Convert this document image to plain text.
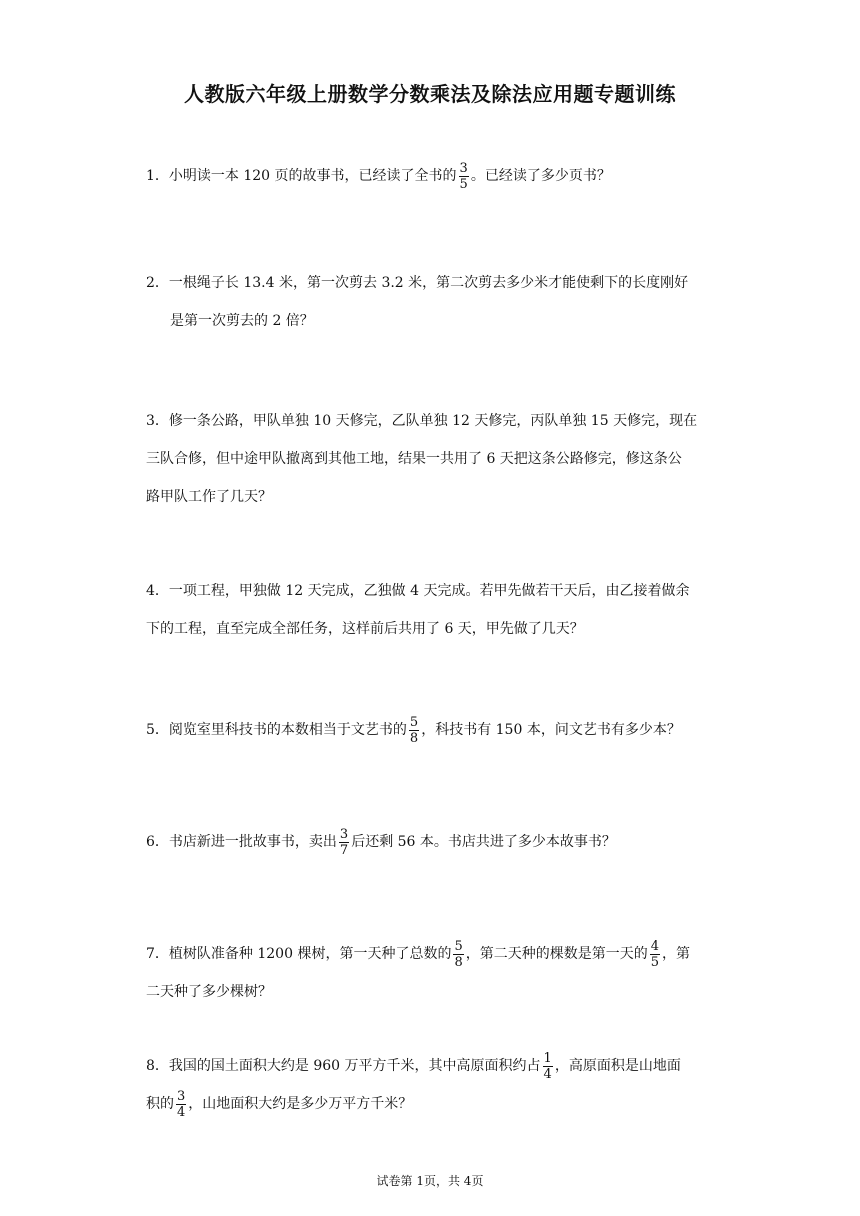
人教版六年级上册数学分数乘法及除法应用题专题训练

1．小明读一本 120 页的故事书，已经读了全书的 $\frac{3}{5}$ 。已经读了多少页书？

2．一根绳子长 13.4 米，第一次剪去 3.2 米，第二次剪去多少米才能使剩下的长度刚好

是第一次剪去的 2 倍？

3．修一条公路，甲队单独 10 天修完，乙队单独 12 天修完，丙队单独 15 天修完，现在

三队合修，但中途甲队撤离到其他工地，结果一共用了 6 天把这条公路修完，修这条公

路甲队工作了几天？

4．一项工程，甲独做 12 天完成，乙独做 4 天完成。若甲先做若干天后，由乙接着做余

下的工程，直至完成全部任务，这样前后共用了 6 天，甲先做了几天？

5．阅览室里科技书的本数相当于文艺书的 $\frac{5}{8}$ ，科技书有 150 本，问文艺书有多少本？

6．书店新进一批故事书，卖出 $\frac{3}{7}$ 后还剩 56 本。书店共进了多少本故事书？

7．植树队准备种 1200 棵树，第一天种了总数的 $\frac{5}{8}$ ，第二天种的棵数是第一天的 $\frac{4}{5}$ ，第

二天种了多少棵树？

8．我国的国土面积大约是 960 万平方千米，其中高原面积约占 $\frac{1}{4}$ ，高原面积是山地面

积的 $\frac{3}{4}$ ，山地面积大约是多少万平方千米？

试卷第 1页，共 4页
